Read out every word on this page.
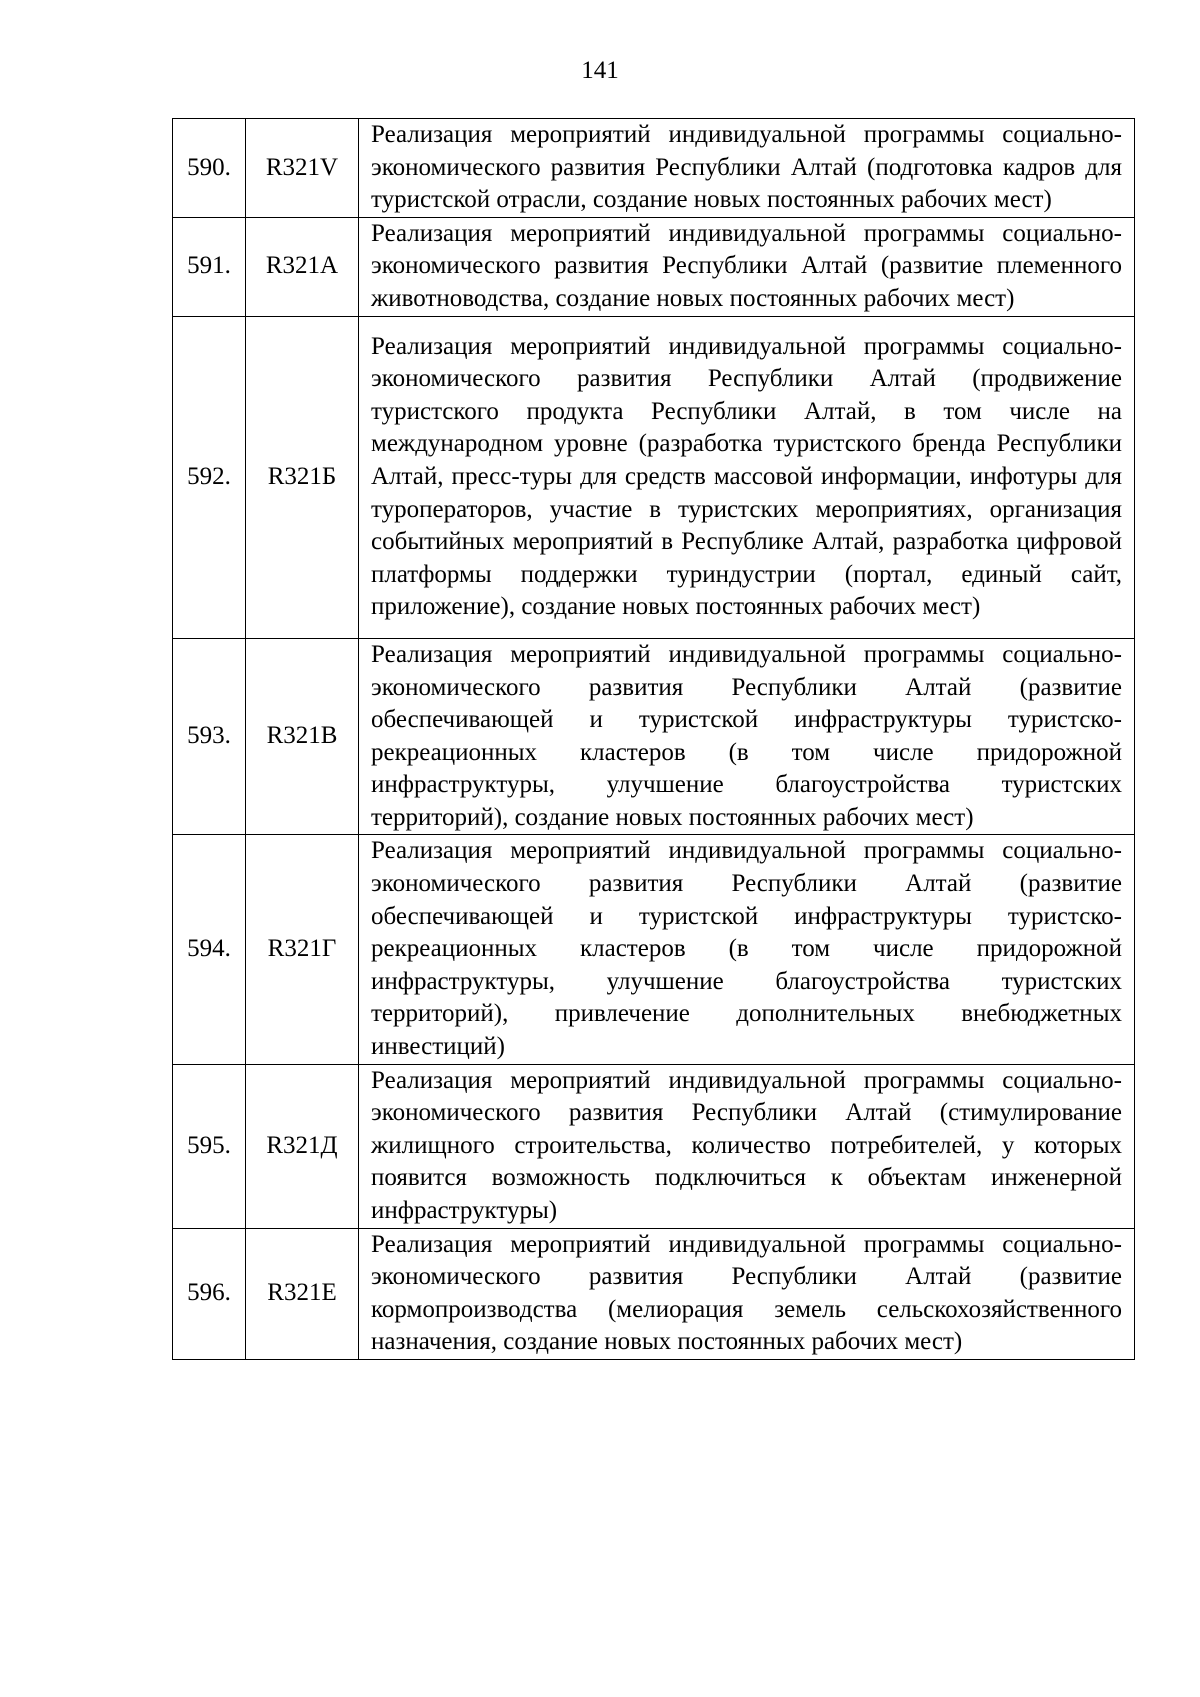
141
590.	R321V	Реализация мероприятий индивидуальной программы социально-экономического развития Республики Алтай (подготовка кадров для туристской отрасли, создание новых постоянных рабочих мест)
591.	R321A	Реализация мероприятий индивидуальной программы социально-экономического развития Республики Алтай (развитие племенного животноводства, создание новых постоянных рабочих мест)
592.	R321Б	Реализация мероприятий индивидуальной программы социально-экономического развития Республики Алтай (продвижение туристского продукта Республики Алтай, в том числе на международном уровне (разработка туристского бренда Республики Алтай, пресс-туры для средств массовой информации, инфотуры для туроператоров, участие в туристских мероприятиях, организация событийных мероприятий в Республике Алтай, разработка цифровой платформы поддержки туриндустрии (портал, единый сайт, приложение), создание новых постоянных рабочих мест)
593.	R321В	Реализация мероприятий индивидуальной программы социально-экономического развития Республики Алтай (развитие обеспечивающей и туристской инфраструктуры туристско-рекреационных кластеров (в том числе придорожной инфраструктуры, улучшение благоустройства туристских территорий), создание новых постоянных рабочих мест)
594.	R321Г	Реализация мероприятий индивидуальной программы социально-экономического развития Республики Алтай (развитие обеспечивающей и туристской инфраструктуры туристско-рекреационных кластеров (в том числе придорожной инфраструктуры, улучшение благоустройства туристских территорий), привлечение дополнительных внебюджетных инвестиций)
595.	R321Д	Реализация мероприятий индивидуальной программы социально-экономического развития Республики Алтай (стимулирование жилищного строительства, количество потребителей, у которых появится возможность подключиться к объектам инженерной инфраструктуры)
596.	R321E	Реализация мероприятий индивидуальной программы социально-экономического развития Республики Алтай (развитие кормопроизводства (мелиорация земель сельскохозяйственного назначения, создание новых постоянных рабочих мест)
